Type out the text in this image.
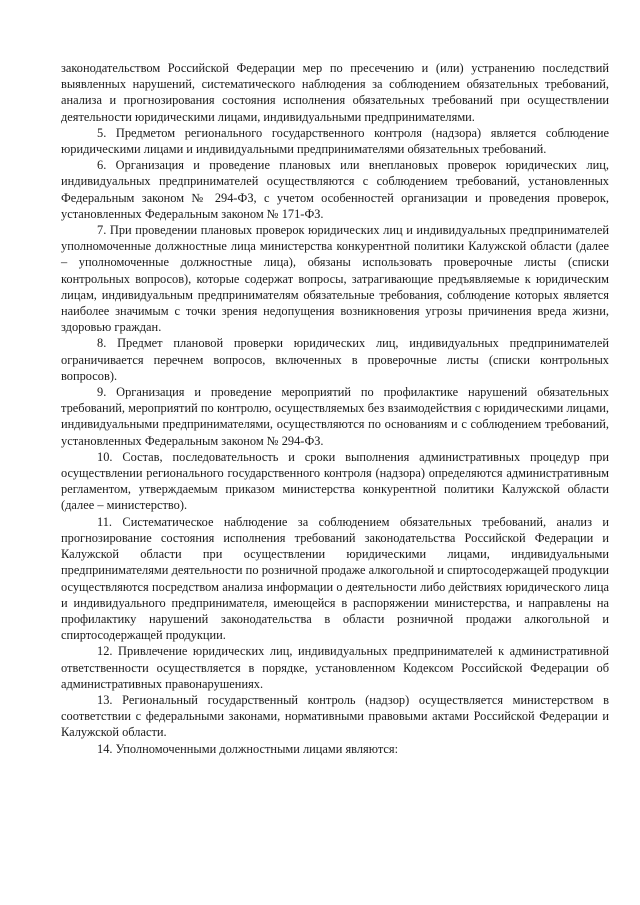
законодательством Российской Федерации мер по пресечению и (или) устранению последствий выявленных нарушений, систематического наблюдения за соблюдением обязательных требований, анализа и прогнозирования состояния исполнения обязательных требований при осуществлении деятельности юридическими лицами, индивидуальными предпринимателями.

5. Предметом регионального государственного контроля (надзора) является соблюдение юридическими лицами и индивидуальными предпринимателями обязательных требований.

6. Организация и проведение плановых или внеплановых проверок юридических лиц, индивидуальных предпринимателей осуществляются с соблюдением требований, установленных Федеральным законом № 294-ФЗ, с учетом особенностей организации и проведения проверок, установленных Федеральным законом № 171-ФЗ.

7. При проведении плановых проверок юридических лиц и индивидуальных предпринимателей уполномоченные должностные лица министерства конкурентной политики Калужской области (далее – уполномоченные должностные лица), обязаны использовать проверочные листы (списки контрольных вопросов), которые содержат вопросы, затрагивающие предъявляемые к юридическим лицам, индивидуальным предпринимателям обязательные требования, соблюдение которых является наиболее значимым с точки зрения недопущения возникновения угрозы причинения вреда жизни, здоровью граждан.

8. Предмет плановой проверки юридических лиц, индивидуальных предпринимателей ограничивается перечнем вопросов, включенных в проверочные листы (списки контрольных вопросов).

9. Организация и проведение мероприятий по профилактике нарушений обязательных требований, мероприятий по контролю, осуществляемых без взаимодействия с юридическими лицами, индивидуальными предпринимателями, осуществляются по основаниям и с соблюдением требований, установленных Федеральным законом № 294-ФЗ.

10. Состав, последовательность и сроки выполнения административных процедур при осуществлении регионального государственного контроля (надзора) определяются административным регламентом, утверждаемым приказом министерства конкурентной политики Калужской области (далее – министерство).

11. Систематическое наблюдение за соблюдением обязательных требований, анализ и прогнозирование состояния исполнения требований законодательства Российской Федерации и Калужской области при осуществлении юридическими лицами, индивидуальными предпринимателями деятельности по розничной продаже алкогольной и спиртосодержащей продукции осуществляются посредством анализа информации о деятельности либо действиях юридического лица и индивидуального предпринимателя, имеющейся в распоряжении министерства, и направлены на профилактику нарушений законодательства в области розничной продажи алкогольной и спиртосодержащей продукции.

12. Привлечение юридических лиц, индивидуальных предпринимателей к административной ответственности осуществляется в порядке, установленном Кодексом Российской Федерации об административных правонарушениях.

13. Региональный государственный контроль (надзор) осуществляется министерством в соответствии с федеральными законами, нормативными правовыми актами Российской Федерации и Калужской области.

14. Уполномоченными должностными лицами являются:
